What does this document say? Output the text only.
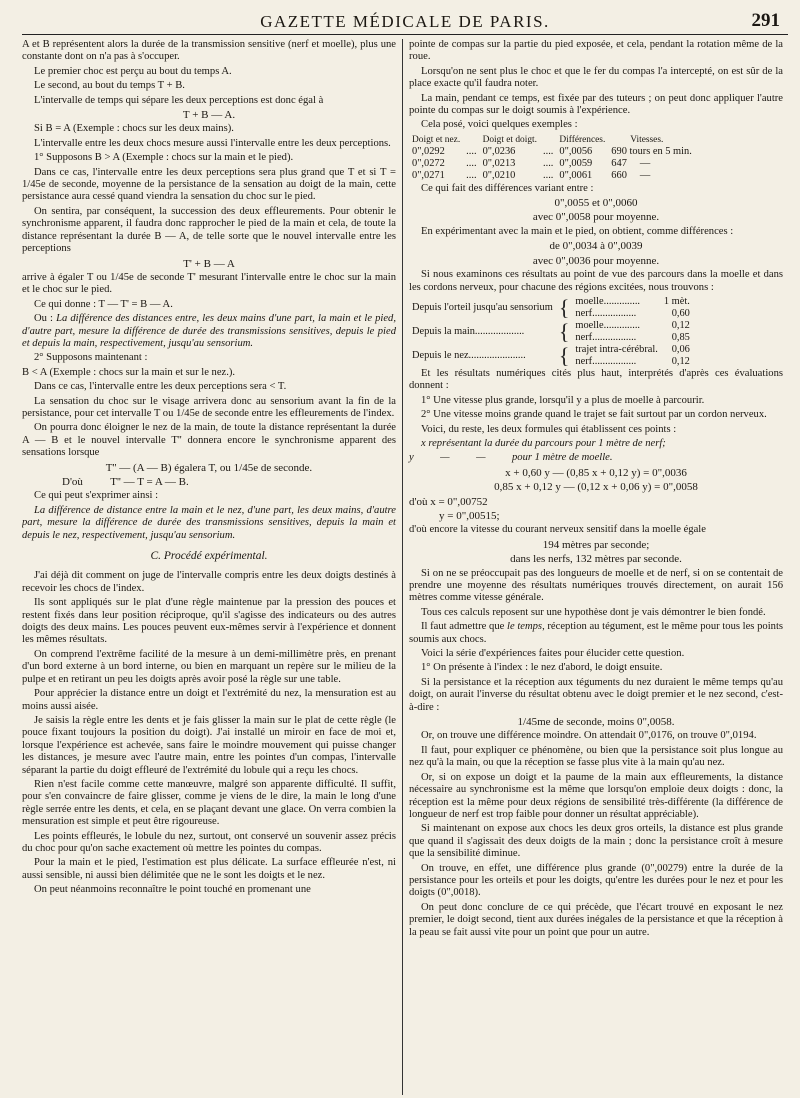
GAZETTE MÉDICALE DE PARIS.	291

A et B représentent alors la durée de la transmission sensitive (nerf et moelle), plus une constante dont on n'a pas à s'occuper.

Le premier choc est perçu au bout du temps A.

Le second, au bout du temps T + B.

L'intervalle de temps qui sépare les deux perceptions est donc égal à

T + B — A.

Si B = A (Exemple : chocs sur les deux mains).

L'intervalle entre les deux chocs mesure aussi l'intervalle entre les deux perceptions.

1° Supposons B > A (Exemple : chocs sur la main et le pied).

Dans ce cas, l'intervalle entre les deux perceptions sera plus grand que T et si T = 1/45e de seconde, moyenne de la persistance de la sensation au doigt de la main, cette persistance aura cessé quand viendra la sensation du choc sur le pied.

On sentira, par conséquent, la succession des deux effleurements. Pour obtenir le synchronisme apparent, il faudra donc rapprocher le pied de la main et cela, de toute la distance représentant la durée B — A, de telle sorte que le nouvel intervalle entre les perceptions

T' + B — A

arrive à égaler T ou 1/45e de seconde T' mesurant l'intervalle entre le choc sur la main et le choc sur le pied.

Ce qui donne : T — T' = B — A.

Ou : La différence des distances entre, les deux mains d'une part, la main et le pied, d'autre part, mesure la différence de durée des transmissions sensitives, depuis le pied et depuis la main, respectivement, jusqu'au sensorium.

2° Supposons maintenant :

B < A (Exemple : chocs sur la main et sur le nez.).

Dans ce cas, l'intervalle entre les deux perceptions sera < T.

La sensation du choc sur le visage arrivera donc au sensorium avant la fin de la persistance, pour cet intervalle T ou 1/45e de seconde entre les effleurements de l'index.

On pourra donc éloigner le nez de la main, de toute la distance représentant la durée A — B et le nouvel intervalle T'' donnera encore le synchronisme apparent des sensations lorsque

T'' — (A — B) égalera T, ou 1/45e de seconde.
D'où          T'' — T = A — B.

Ce qui peut s'exprimer ainsi :

La différence de distance entre la main et le nez, d'une part, les deux mains, d'autre part, mesure la différence de durée des transmissions sensitives, depuis la main et depuis le nez, respectivement, jusqu'au sensorium.

C. Procédé expérimental.

J'ai déjà dit comment on juge de l'intervalle compris entre les deux doigts destinés à recevoir les chocs de l'index.

Ils sont appliqués sur le plat d'une règle maintenue par la pression des pouces et restent fixés dans leur position réciproque, qu'il s'agisse des indicateurs ou des autres doigts des deux mains. Les pouces peuvent eux-mêmes servir à l'expérience et donnent les mêmes résultats.

On comprend l'extrême facilité de la mesure à un demi-millimètre près, en prenant d'un bord externe à un bord interne, ou bien en marquant un repère sur le milieu de la pulpe et en retirant un peu les doigts après avoir posé la règle sur une table.

Pour apprécier la distance entre un doigt et l'extrémité du nez, la mensuration est au moins aussi aisée.

Je saisis la règle entre les dents et je fais glisser la main sur le plat de cette règle (le pouce fixant toujours la position du doigt). J'ai installé un miroir en face de moi et, lorsque l'expérience est achevée, sans faire le moindre mouvement qui puisse changer les distances, je mesure avec l'autre main, entre les pointes d'un compas, l'intervalle séparant la partie du doigt effleuré de l'extrémité du lobule qui a reçu les chocs.

Rien n'est facile comme cette manœuvre, malgré son apparente difficulté. Il suffit, pour s'en convaincre de faire glisser, comme je viens de le dire, la main le long d'une règle serrée entre les dents, et cela, en se plaçant devant une glace. On verra combien la mensuration est simple et peut être rigoureuse.

Les points effleurés, le lobule du nez, surtout, ont conservé un souvenir assez précis du choc pour qu'on sache exactement où mettre les pointes du compas.

Pour la main et le pied, l'estimation est plus délicate. La surface effleurée n'est, ni aussi sensible, ni aussi bien délimitée que ne le sont les doigts et le nez.

On peut néanmoins reconnaître le point touché en promenant une

pointe de compas sur la partie du pied exposée, et cela, pendant la rotation même de la roue.

Lorsqu'on ne sent plus le choc et que le fer du compas l'a intercepté, on est sûr de la place exacte qu'il faudra noter.

La main, pendant ce temps, est fixée par des tuteurs ; on peut donc appliquer l'autre pointe du compas sur le doigt soumis à l'expérience.

Cela posé, voici quelques exemples :

Doigt et nez.		Doigt et doigt.		Différences.	Vitesses.
0",0292	....	0",0236	....	0",0056	690 tours en 5 min.
0",0272	....	0",0213	....	0",0059	647     —
0",0271	....	0",0210	....	0",0061	660     —

Ce qui fait des différences variant entre :

0",0055 et 0",0060
avec 0",0058 pour moyenne.

En expérimentant avec la main et le pied, on obtient, comme différences :

de 0",0034 à 0",0039
avec 0",0036 pour moyenne.

Si nous examinons ces résultats au point de vue des parcours dans la moelle et dans les cordons nerveux, pour chacune des régions excitées, nous trouvons :

Depuis l'orteil jusqu'au sensorium	{	moelle..............	1 mèt.
		nerf.................	0,60
Depuis la main...................	{	moelle..............	0,12
		nerf.................	0,85
Depuis le nez......................	{	trajet intra-cérébral.	0,06
		nerf.................	0,12

Et les résultats numériques cités plus haut, interprétés d'après ces évaluations donnent :

1° Une vitesse plus grande, lorsqu'il y a plus de moelle à parcourir.

2° Une vitesse moins grande quand le trajet se fait surtout par un cordon nerveux.

Voici, du reste, les deux formules qui établissent ces points :

x représentant la durée du parcours pour 1 mètre de nerf;

y          —          —          pour 1 mètre de moelle.

x + 0,60 y — (0,85 x + 0,12 y) = 0",0036
0,85 x + 0,12 y — (0,12 x + 0,06 y) = 0",0058
d'où x = 0",00752
y = 0",00515;

d'où encore la vitesse du courant nerveux sensitif dans la moelle égale

194 mètres par seconde;
dans les nerfs, 132 mètres par seconde.

Si on ne se préoccupait pas des longueurs de moelle et de nerf, si on se contentait de prendre une moyenne des résultats numériques trouvés directement, on aurait 156 mètres comme vitesse générale.

Tous ces calculs reposent sur une hypothèse dont je vais démontrer le bien fondé.

Il faut admettre que le temps, réception au tégument, est le même pour tous les points soumis aux chocs.

Voici la série d'expériences faites pour élucider cette question.

1° On présente à l'index : le nez d'abord, le doigt ensuite.

Si la persistance et la réception aux téguments du nez duraient le même temps qu'au doigt, on aurait l'inverse du résultat obtenu avec le doigt premier et le nez second, c'est-à-dire :

1/45me de seconde, moins 0",0058.

Or, on trouve une différence moindre. On attendait 0",0176, on trouve 0",0194.

Il faut, pour expliquer ce phénomène, ou bien que la persistance soit plus longue au nez qu'à la main, ou que la réception se fasse plus vite à la main qu'au nez.

Or, si on expose un doigt et la paume de la main aux effleurements, la distance nécessaire au synchronisme est la même que lorsqu'on emploie deux doigts : donc, la réception est la même pour deux régions de sensibilité très-différente (la différence de longueur de nerf est trop faible pour donner un résultat appréciable).

Si maintenant on expose aux chocs les deux gros orteils, la distance est plus grande que quand il s'agissait des deux doigts de la main ; donc la persistance croît à mesure que la sensibilité diminue.

On trouve, en effet, une différence plus grande (0",00279) entre la durée de la persistance pour les orteils et pour les doigts, qu'entre les durées pour le nez et pour les doigts (0",0018).

On peut donc conclure de ce qui précède, que l'écart trouvé en exposant le nez premier, le doigt second, tient aux durées inégales de la persistance et que la réception à la peau se fait aussi vite pour un point que pour un autre.
